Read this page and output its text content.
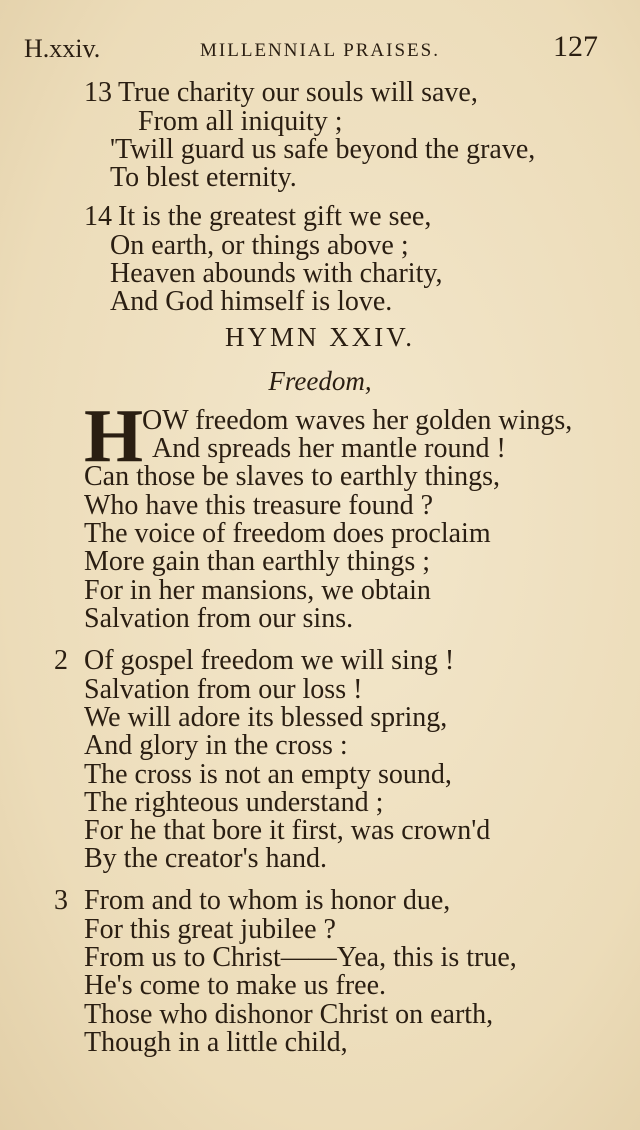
H.xxiv.	MILLENNIAL PRAISES.	127
13 True charity our souls will save,
From all iniquity ;
'Twill guard us safe beyond the grave,
To blest eternity.
14 It is the greatest gift we see,
On earth, or things above ;
Heaven abounds with charity,
And God himself is love.
HYMN XXIV.
Freedom,
H
OW freedom waves her golden wings,
And spreads her mantle round !
Can those be slaves to earthly things,
Who have this treasure found ?
The voice of freedom does proclaim
More gain than earthly things ;
For in her mansions, we obtain
Salvation from our sins.
2 Of gospel freedom we will sing !
Salvation from our loss !
We will adore its blessed spring,
And glory in the cross :
The cross is not an empty sound,
The righteous understand ;
For he that bore it first, was crown'd
By the creator's hand.
3 From and to whom is honor due,
For this great jubilee ?
From us to Christ——Yea, this is true,
He's come to make us free.
Those who dishonor Christ on earth,
Though in a little child,
